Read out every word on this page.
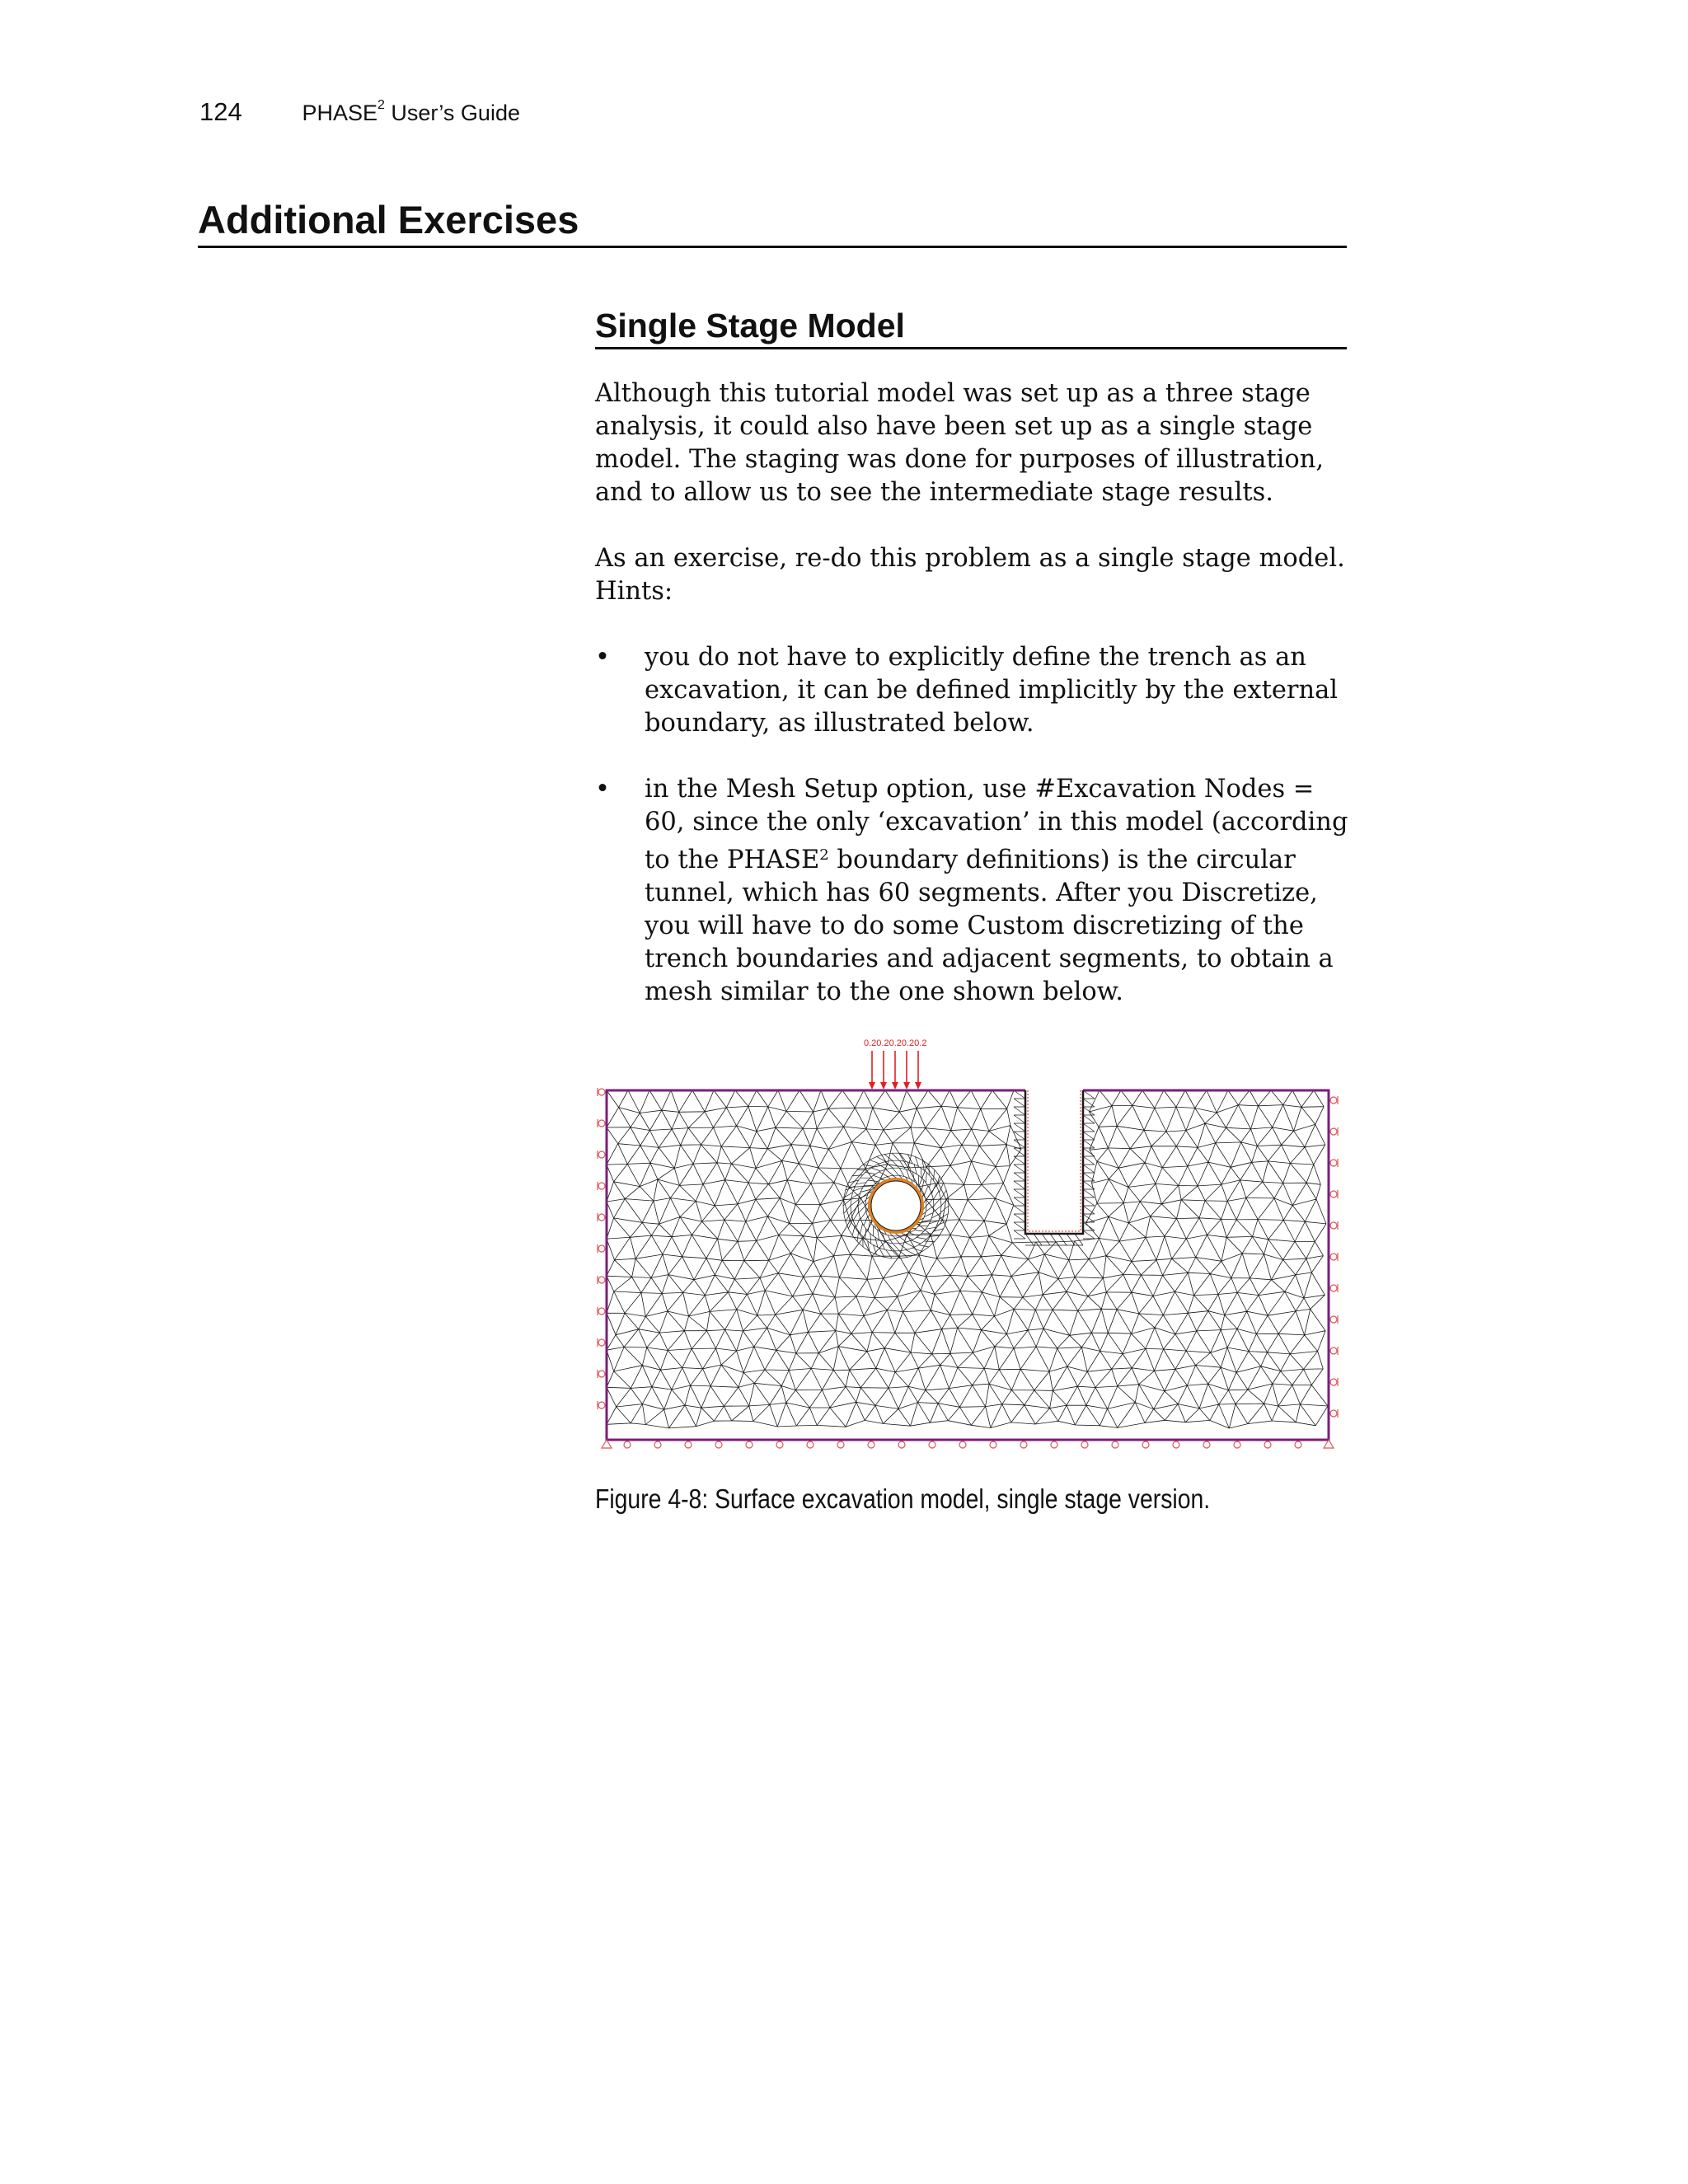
124	PHASE$^2$ User’s Guide
Additional Exercises
Single Stage Model

Although this tutorial model was set up as a three stage analysis, it could also have been set up as a single stage model. The staging was done for purposes of illustration, and to allow us to see the intermediate stage results.

As an exercise, re-do this problem as a single stage model. Hints:

• you do not have to explicitly define the trench as an excavation, it can be defined implicitly by the external boundary, as illustrated below.
• in the Mesh Setup option, use #Excavation Nodes = 60, since the only ‘excavation’ in this model (according to the PHASE$^2$ boundary definitions) is the circular tunnel, which has 60 segments. After you Discretize, you will have to do some Custom discretizing of the trench boundaries and adjacent segments, to obtain a mesh similar to the one shown below.
0.20.20.20.20.2
Figure 4-8: Surface excavation model, single stage version.
